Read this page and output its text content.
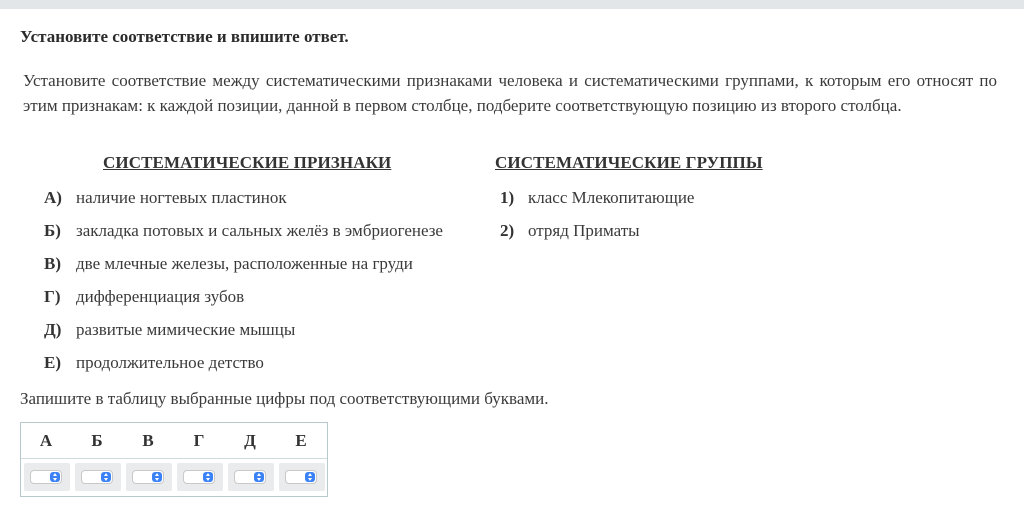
Установите соответствие и впишите ответ.
Установите соответствие между систематическими признаками человека и систематическими группами, к которым его относят по этим признакам: к каждой позиции, данной в первом столбце, подберите соответствующую позицию из второго столбца.
СИСТЕМАТИЧЕСКИЕ ПРИЗНАКИ	СИСТЕМАТИЧЕСКИЕ ГРУППЫ
А) наличие ногтевых пластинок
Б) закладка потовых и сальных желёз в эмбриогенезе
В) две млечные железы, расположенные на груди
Г) дифференциация зубов
Д) развитые мимические мышцы
Е) продолжительное детство
1) класс Млекопитающие
2) отряд Приматы
Запишите в таблицу выбранные цифры под соответствующими буквами.
А	Б	В	Г	Д	Е
